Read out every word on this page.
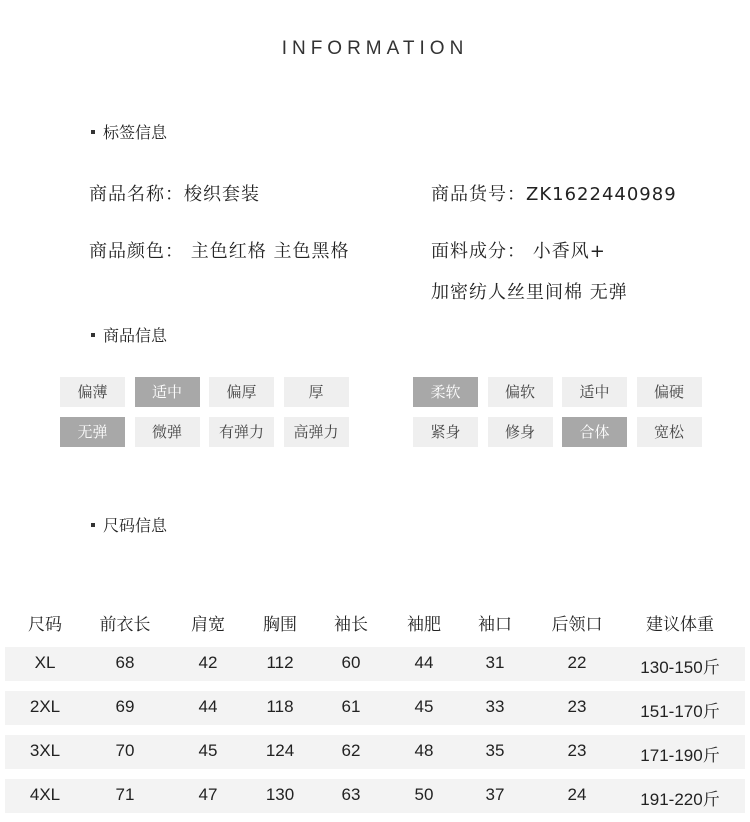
INFORMATION
标签信息
商品名称：梭织套装	商品货号：ZK1622440989
商品颜色： 主色红格 主色黑格	面料成分： 小香风+
加密纺人丝里间棉 无弹
商品信息
偏薄	适中	偏厚	厚
无弹	微弹	有弹力	高弹力
柔软	偏软	适中	偏硬
紧身	修身	合体	宽松
尺码信息
尺码 前衣长 肩宽 胸围 袖长 袖肥 袖口 后领口	建议体重
XL	68	42	112	60	44	31	22	130-150斤
2XL	69	44	118	61	45	33	23	151-170斤
3XL	70	45	124	62	48	35	23	171-190斤
4XL	71	47	130	63	50	37	24	191-220斤
